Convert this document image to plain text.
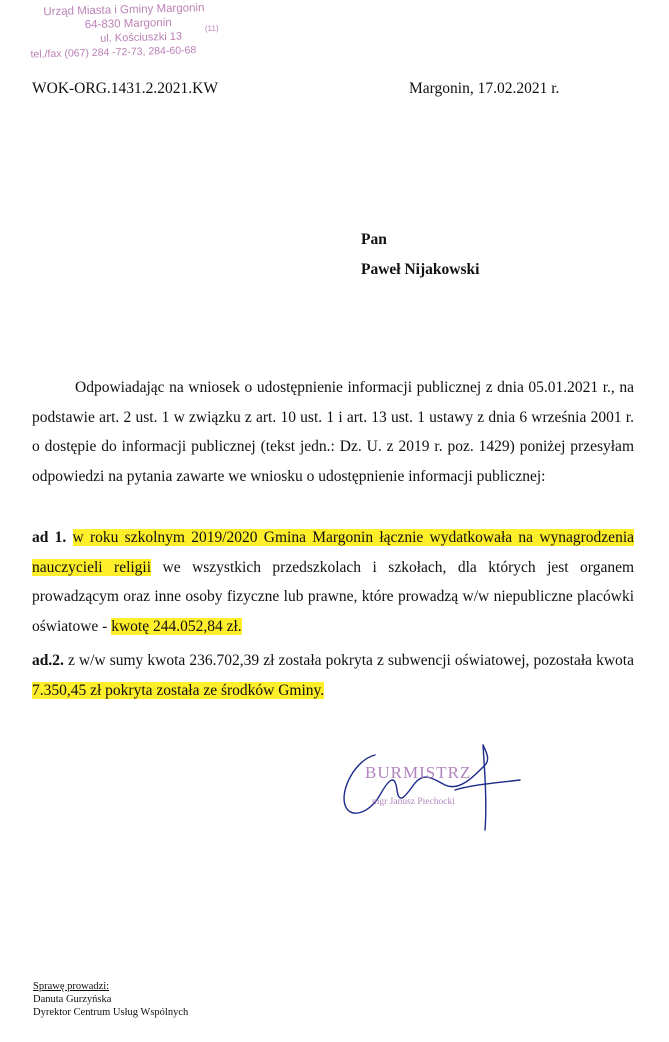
Urząd Miasta i Gminy Margonin
64-830 Margonin
ul. Kościuszki 13
tel./fax (067) 284 -72-73, 284-60-68
(11)
WOK-ORG.1431.2.2021.KW	Margonin, 17.02.2021 r.
Pan
Paweł Nijakowski
Odpowiadając na wniosek o udostępnienie informacji publicznej z dnia 05.01.2021 r., na podstawie art. 2 ust. 1 w związku z art. 10 ust. 1 i art. 13 ust. 1 ustawy z dnia 6 września 2001 r. o dostępie do informacji publicznej (tekst jedn.: Dz. U. z 2019 r. poz. 1429) poniżej przesyłam odpowiedzi na pytania zawarte we wniosku o udostępnienie informacji publicznej:
ad 1. w roku szkolnym 2019/2020 Gmina Margonin łącznie wydatkowała na wynagrodzenia nauczycieli religii we wszystkich przedszkolach i szkołach, dla których jest organem prowadzącym oraz inne osoby fizyczne lub prawne, które prowadzą w/w niepubliczne placówki oświatowe - kwotę 244.052,84 zł.
ad.2. z w/w sumy kwota 236.702,39 zł została pokryta z subwencji oświatowej, pozostała kwota 7.350,45 zł pokryta została ze środków Gminy.
BURMISTRZ
mgr Janusz Piechocki
Sprawę prowadzi:
Danuta Gurzyńska
Dyrektor Centrum Usług Wspólnych
